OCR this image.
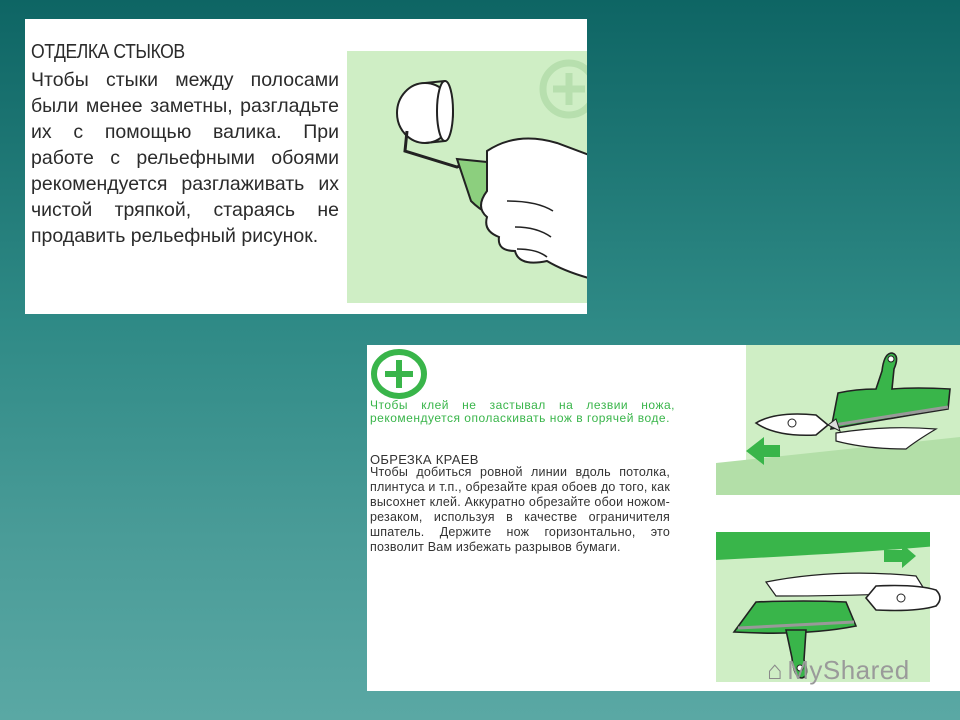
ОТДЕЛКА СТЫКОВ
Чтобы стыки между полосами были менее заметны, разгладьте их с помощью валика. При работе с рельефными обоями рекомендуется разглаживать их чистой тряпкой, стараясь не продавить рельефный рисунок.
Чтобы клей не застывал на лезвии ножа, рекомендуется ополаскивать нож в горячей воде.
ОБРЕЗКА КРАЕВ
Чтобы добиться ровной линии вдоль потолка, плинтуса и т.п., обрезайте края обоев до того, как высохнет клей. Аккуратно обрезайте обои ножом-резаком, используя в качестве ограничителя шпатель. Держите нож горизонтально, это позволит Вам избежать разрывов бумаги.
⌂ MyShared
